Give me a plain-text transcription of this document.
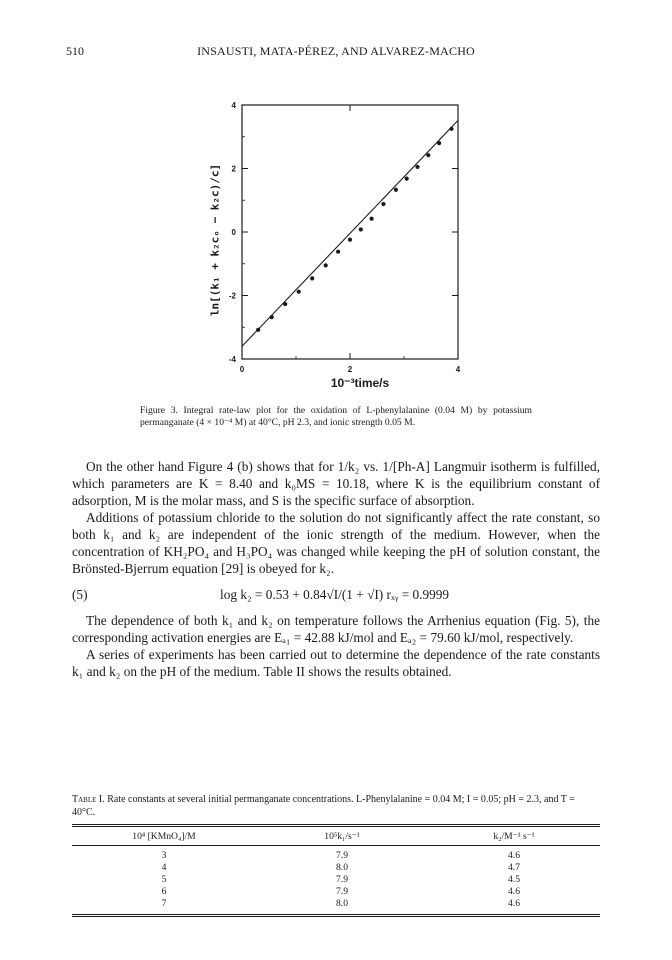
510	INSAUSTI, MATA-PÉREZ, AND ALVAREZ-MACHO
4
2
0
-2
-4
0	2	4
ln[(k₁ + k₂cₒ − k₂c)/c]
10⁻³time/s
Figure 3. Integral rate-law plot for the oxidation of L-phenylalanine (0.04 M) by potassium permanganate (4 × 10⁻⁴ M) at 40°C, pH 2.3, and ionic strength 0.05 M.

On the other hand Figure 4 (b) shows that for 1/k₂ vs. 1/[Ph-A] Langmuir isotherm is fulfilled, which parameters are K = 8.40 and k₀MS = 10.18, where K is the equilibrium constant of adsorption, M is the molar mass, and S is the specific surface of absorption.

Additions of potassium chloride to the solution do not significantly affect the rate constant, so both k₁ and k₂ are independent of the ionic strength of the medium. However, when the concentration of KH₂PO₄ and H₃PO₄ was changed while keeping the pH of solution constant, the Brönsted-Bjerrum equation [29] is obeyed for k₂.

(5)	log k₂ = 0.53 + 0.84√I/(1 + √I) rₓᵧ = 0.9999

The dependence of both k₁ and k₂ on temperature follows the Arrhenius equation (Fig. 5), the corresponding activation energies are Eₐ₁ = 42.88 kJ/mol and Eₐ₂ = 79.60 kJ/mol, respectively.

A series of experiments has been carried out to determine the dependence of the rate constants k₁ and k₂ on the pH of the medium. Table II shows the results obtained.

Table I. Rate constants at several initial permanganate concentrations. L-Phenylalanine = 0.04 M; I = 0.05; pH = 2.3, and T = 40°C.
10⁴ [KMnO₄]/M	10⁵k₁/s⁻¹	k₂/M⁻¹ s⁻¹
3	7.9	4.6
4	8.0	4.7
5	7.9	4.5
6	7.9	4.6
7	8.0	4.6
